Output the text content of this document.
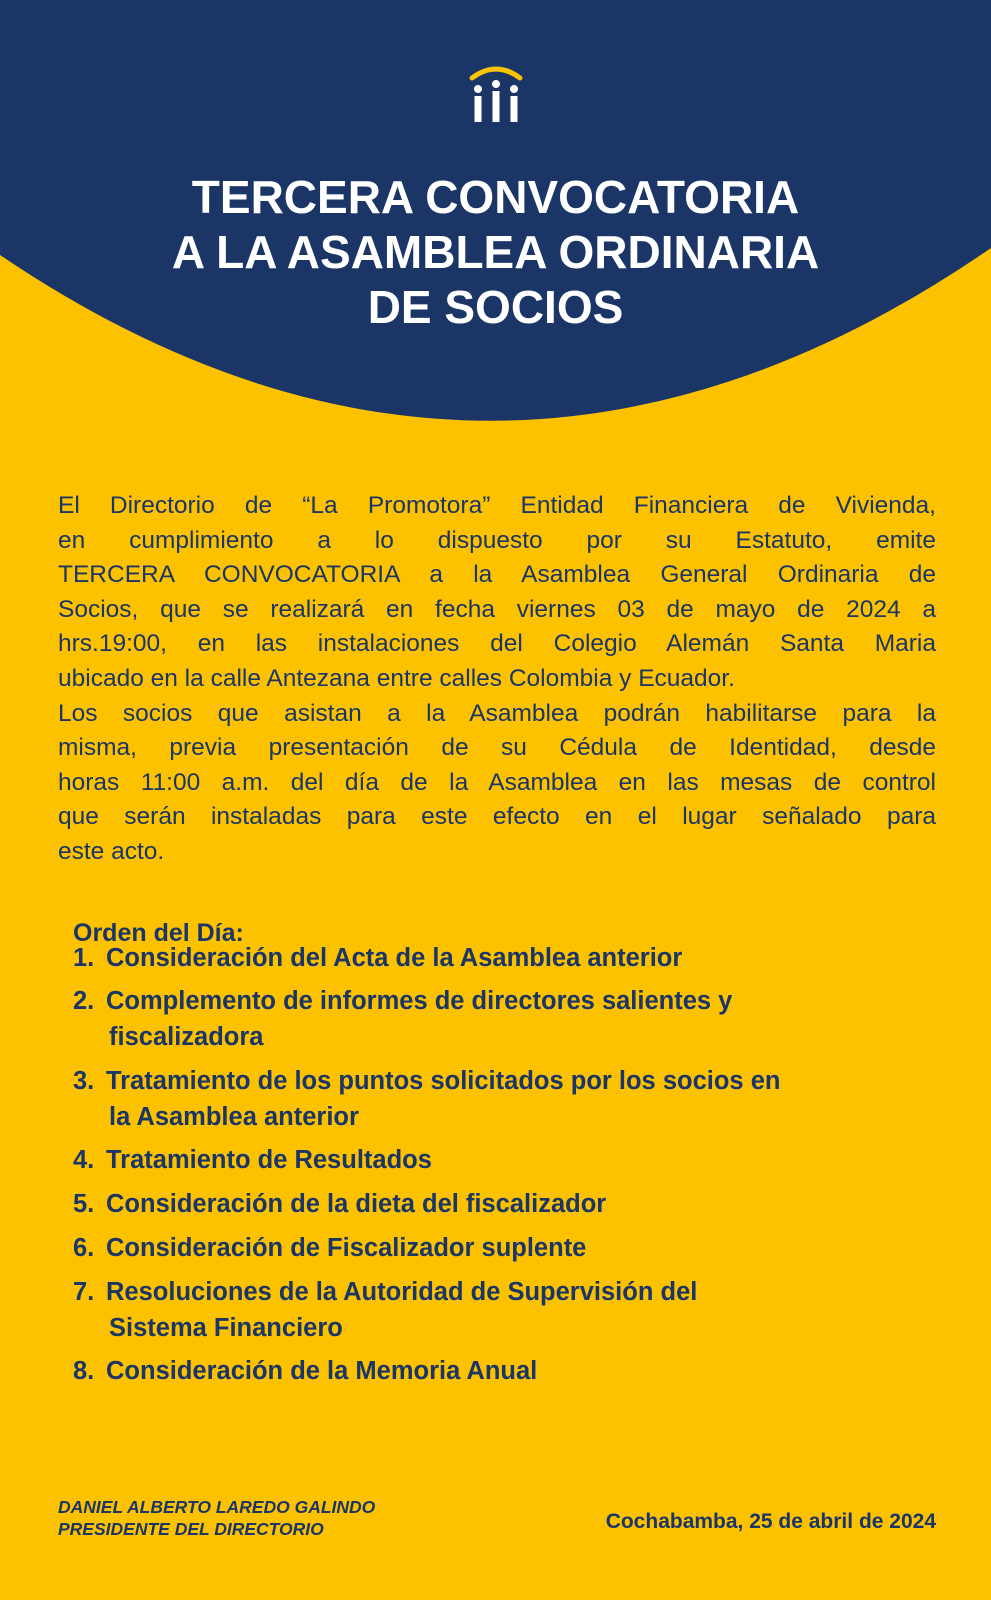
TERCERA CONVOCATORIA
A LA ASAMBLEA ORDINARIA
DE SOCIOS
El Directorio de “La Promotora” Entidad Financiera de Vivienda,
en cumplimiento a lo dispuesto por su Estatuto, emite
TERCERA CONVOCATORIA a la Asamblea General Ordinaria de
Socios, que se realizará en fecha viernes 03 de mayo de 2024 a
hrs.19:00, en las instalaciones del Colegio Alemán Santa Maria
ubicado en la calle Antezana entre calles Colombia y Ecuador.
Los socios que asistan a la Asamblea podrán habilitarse para la
misma, previa presentación de su Cédula de Identidad, desde
horas 11:00 a.m. del día de la Asamblea en las mesas de control
que serán instaladas para este efecto en el lugar señalado para
este acto.
Orden del Día:
1. Consideración del Acta de la Asamblea anterior
2. Complemento de informes de directores salientes y
fiscalizadora
3. Tratamiento de los puntos solicitados por los socios en
la Asamblea anterior
4. Tratamiento de Resultados
5. Consideración de la dieta del fiscalizador
6. Consideración de Fiscalizador suplente
7. Resoluciones de la Autoridad de Supervisión del
Sistema Financiero
8. Consideración de la Memoria Anual
DANIEL ALBERTO LAREDO GALINDO
PRESIDENTE DEL DIRECTORIO	Cochabamba, 25 de abril de 2024
